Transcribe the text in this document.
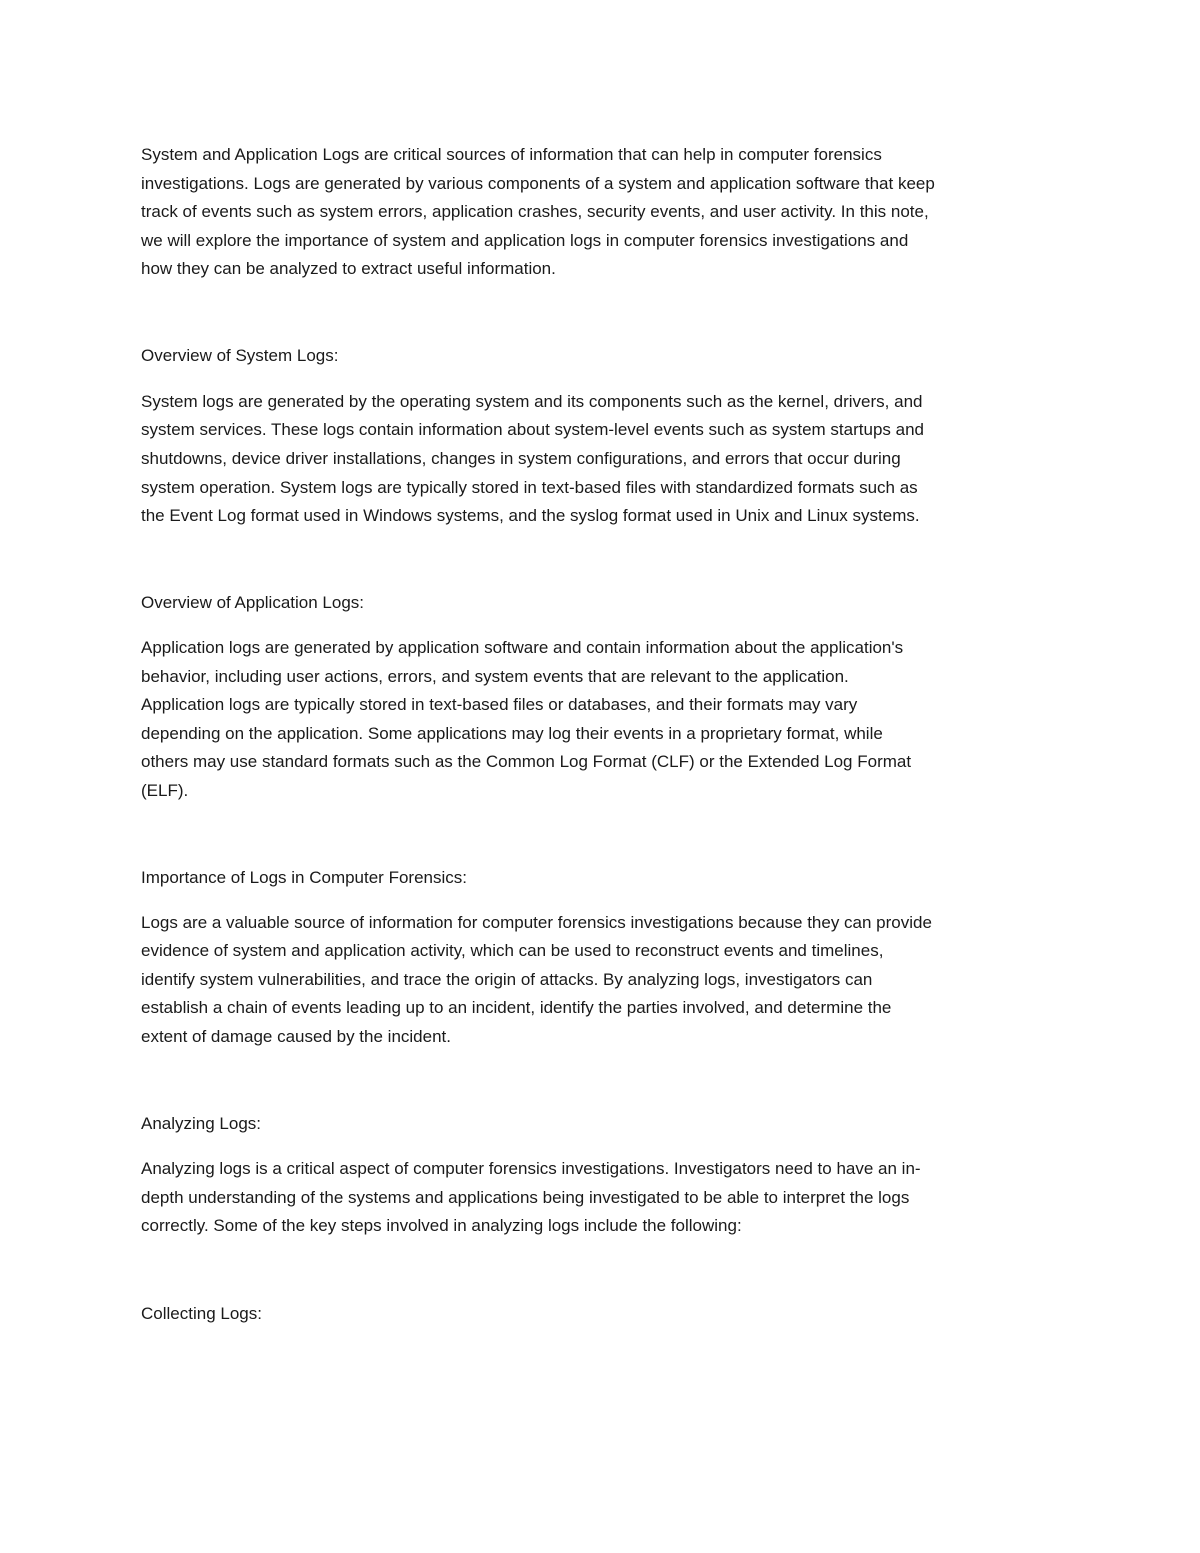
System and Application Logs are critical sources of information that can help in computer forensics

investigations. Logs are generated by various components of a system and application software that keep

track of events such as system errors, application crashes, security events, and user activity. In this note,

we will explore the importance of system and application logs in computer forensics investigations and

how they can be analyzed to extract useful information.

Overview of System Logs:

System logs are generated by the operating system and its components such as the kernel, drivers, and

system services. These logs contain information about system-level events such as system startups and

shutdowns, device driver installations, changes in system configurations, and errors that occur during

system operation. System logs are typically stored in text-based files with standardized formats such as

the Event Log format used in Windows systems, and the syslog format used in Unix and Linux systems.

Overview of Application Logs:

Application logs are generated by application software and contain information about the application's

behavior, including user actions, errors, and system events that are relevant to the application.

Application logs are typically stored in text-based files or databases, and their formats may vary

depending on the application. Some applications may log their events in a proprietary format, while

others may use standard formats such as the Common Log Format (CLF) or the Extended Log Format

(ELF).

Importance of Logs in Computer Forensics:

Logs are a valuable source of information for computer forensics investigations because they can provide

evidence of system and application activity, which can be used to reconstruct events and timelines,

identify system vulnerabilities, and trace the origin of attacks. By analyzing logs, investigators can

establish a chain of events leading up to an incident, identify the parties involved, and determine the

extent of damage caused by the incident.

Analyzing Logs:

Analyzing logs is a critical aspect of computer forensics investigations. Investigators need to have an in-

depth understanding of the systems and applications being investigated to be able to interpret the logs

correctly. Some of the key steps involved in analyzing logs include the following:

Collecting Logs:
